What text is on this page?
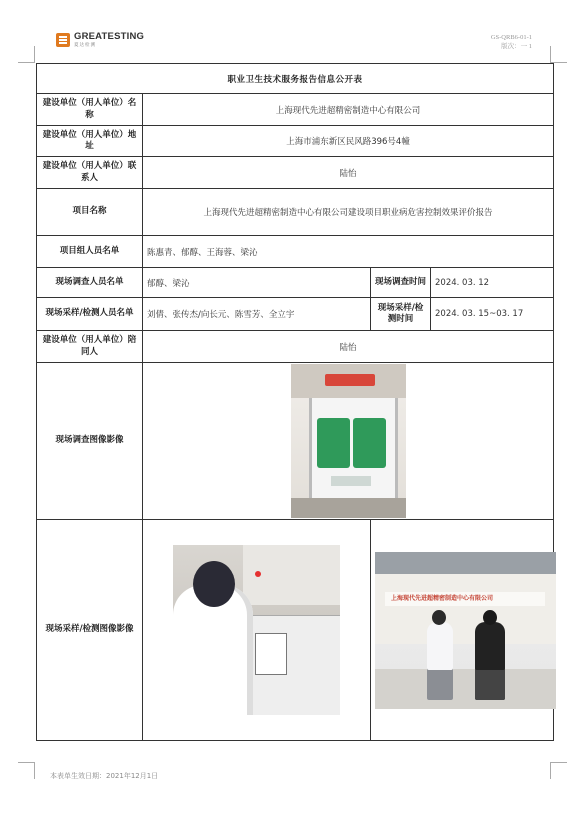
GREATESTING
夏达检测
GS-QRB6-01-1
版次：一 1
职业卫生技术服务报告信息公开表			
建设单位（用人单位）名称	上海现代先进超精密制造中心有限公司		
建设单位（用人单位）地址	上海市浦东新区民风路396号4幢		
建设单位（用人单位）联系人	陆怡		
项目名称	上海现代先进超精密制造中心有限公司建设项目职业病危害控制效果评价报告		
项目组人员名单	陈惠青、郁醇、王海蓉、梁沁		
现场调查人员名单	郁醇、梁沁	现场调查时间	2024. 03. 12
现场采样/检测人员名单	刘倩、张传杰/向长元、陈雪芳、全立宇	现场采样/检测时间	2024. 03. 15~03. 17
建设单位（用人单位）陪同人	陆怡		
现场调查图像影像			

现场采样/检测图像影像		上海现代先进超精密制造中心有限公司	
本表单生效日期：2021年12月1日
